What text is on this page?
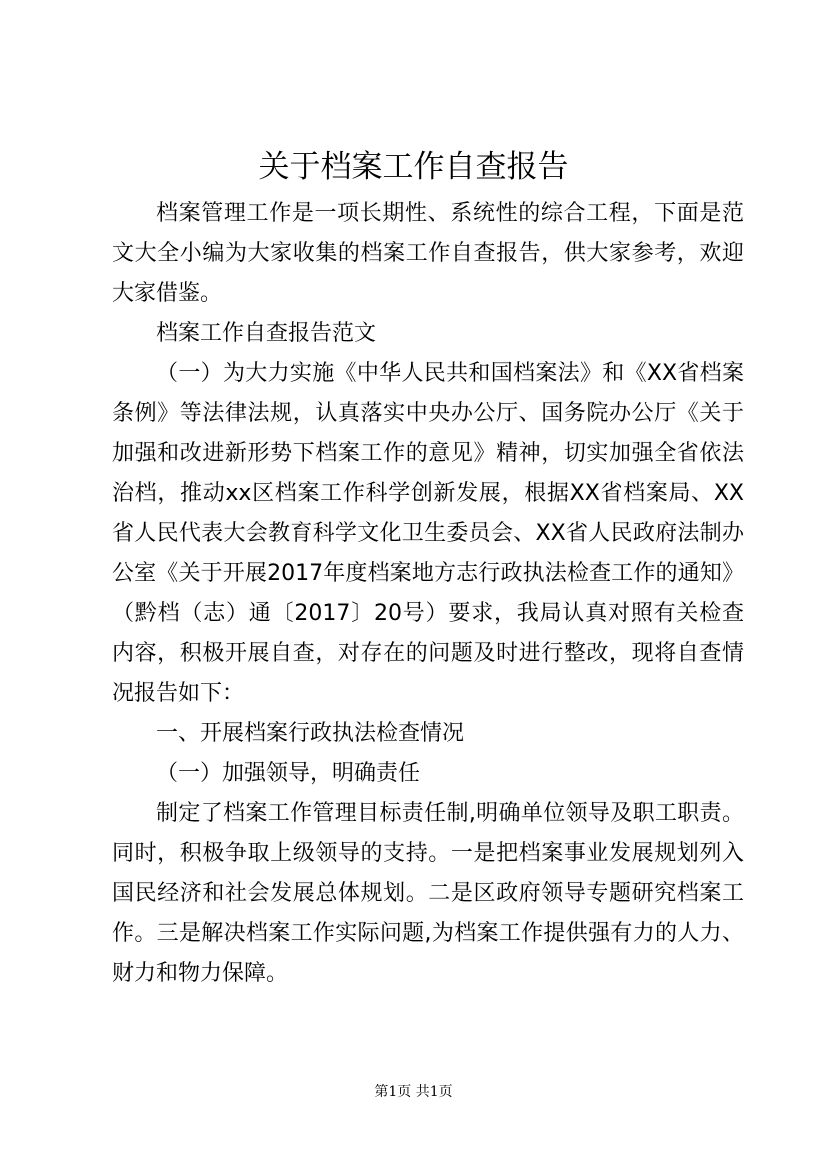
关于档案工作自查报告

档案管理工作是一项长期性、系统性的综合工程，下面是范文大全小编为大家收集的档案工作自查报告，供大家参考，欢迎大家借鉴。

档案工作自查报告范文

（一）为大力实施《中华人民共和国档案法》和《XX省档案条例》等法律法规，认真落实中央办公厅、国务院办公厅《关于加强和改进新形势下档案工作的意见》精神，切实加强全省依法治档，推动xx区档案工作科学创新发展，根据XX省档案局、XX省人民代表大会教育科学文化卫生委员会、XX省人民政府法制办公室《关于开展2017年度档案地方志行政执法检查工作的通知》（黔档（志）通〔2017〕20号）要求，我局认真对照有关检查内容，积极开展自查，对存在的问题及时进行整改，现将自查情况报告如下：

一、开展档案行政执法检查情况

（一）加强领导，明确责任

制定了档案工作管理目标责任制,明确单位领导及职工职责。同时，积极争取上级领导的支持。一是把档案事业发展规划列入国民经济和社会发展总体规划。二是区政府领导专题研究档案工作。三是解决档案工作实际问题,为档案工作提供强有力的人力、财力和物力保障。

第1页 共1页
